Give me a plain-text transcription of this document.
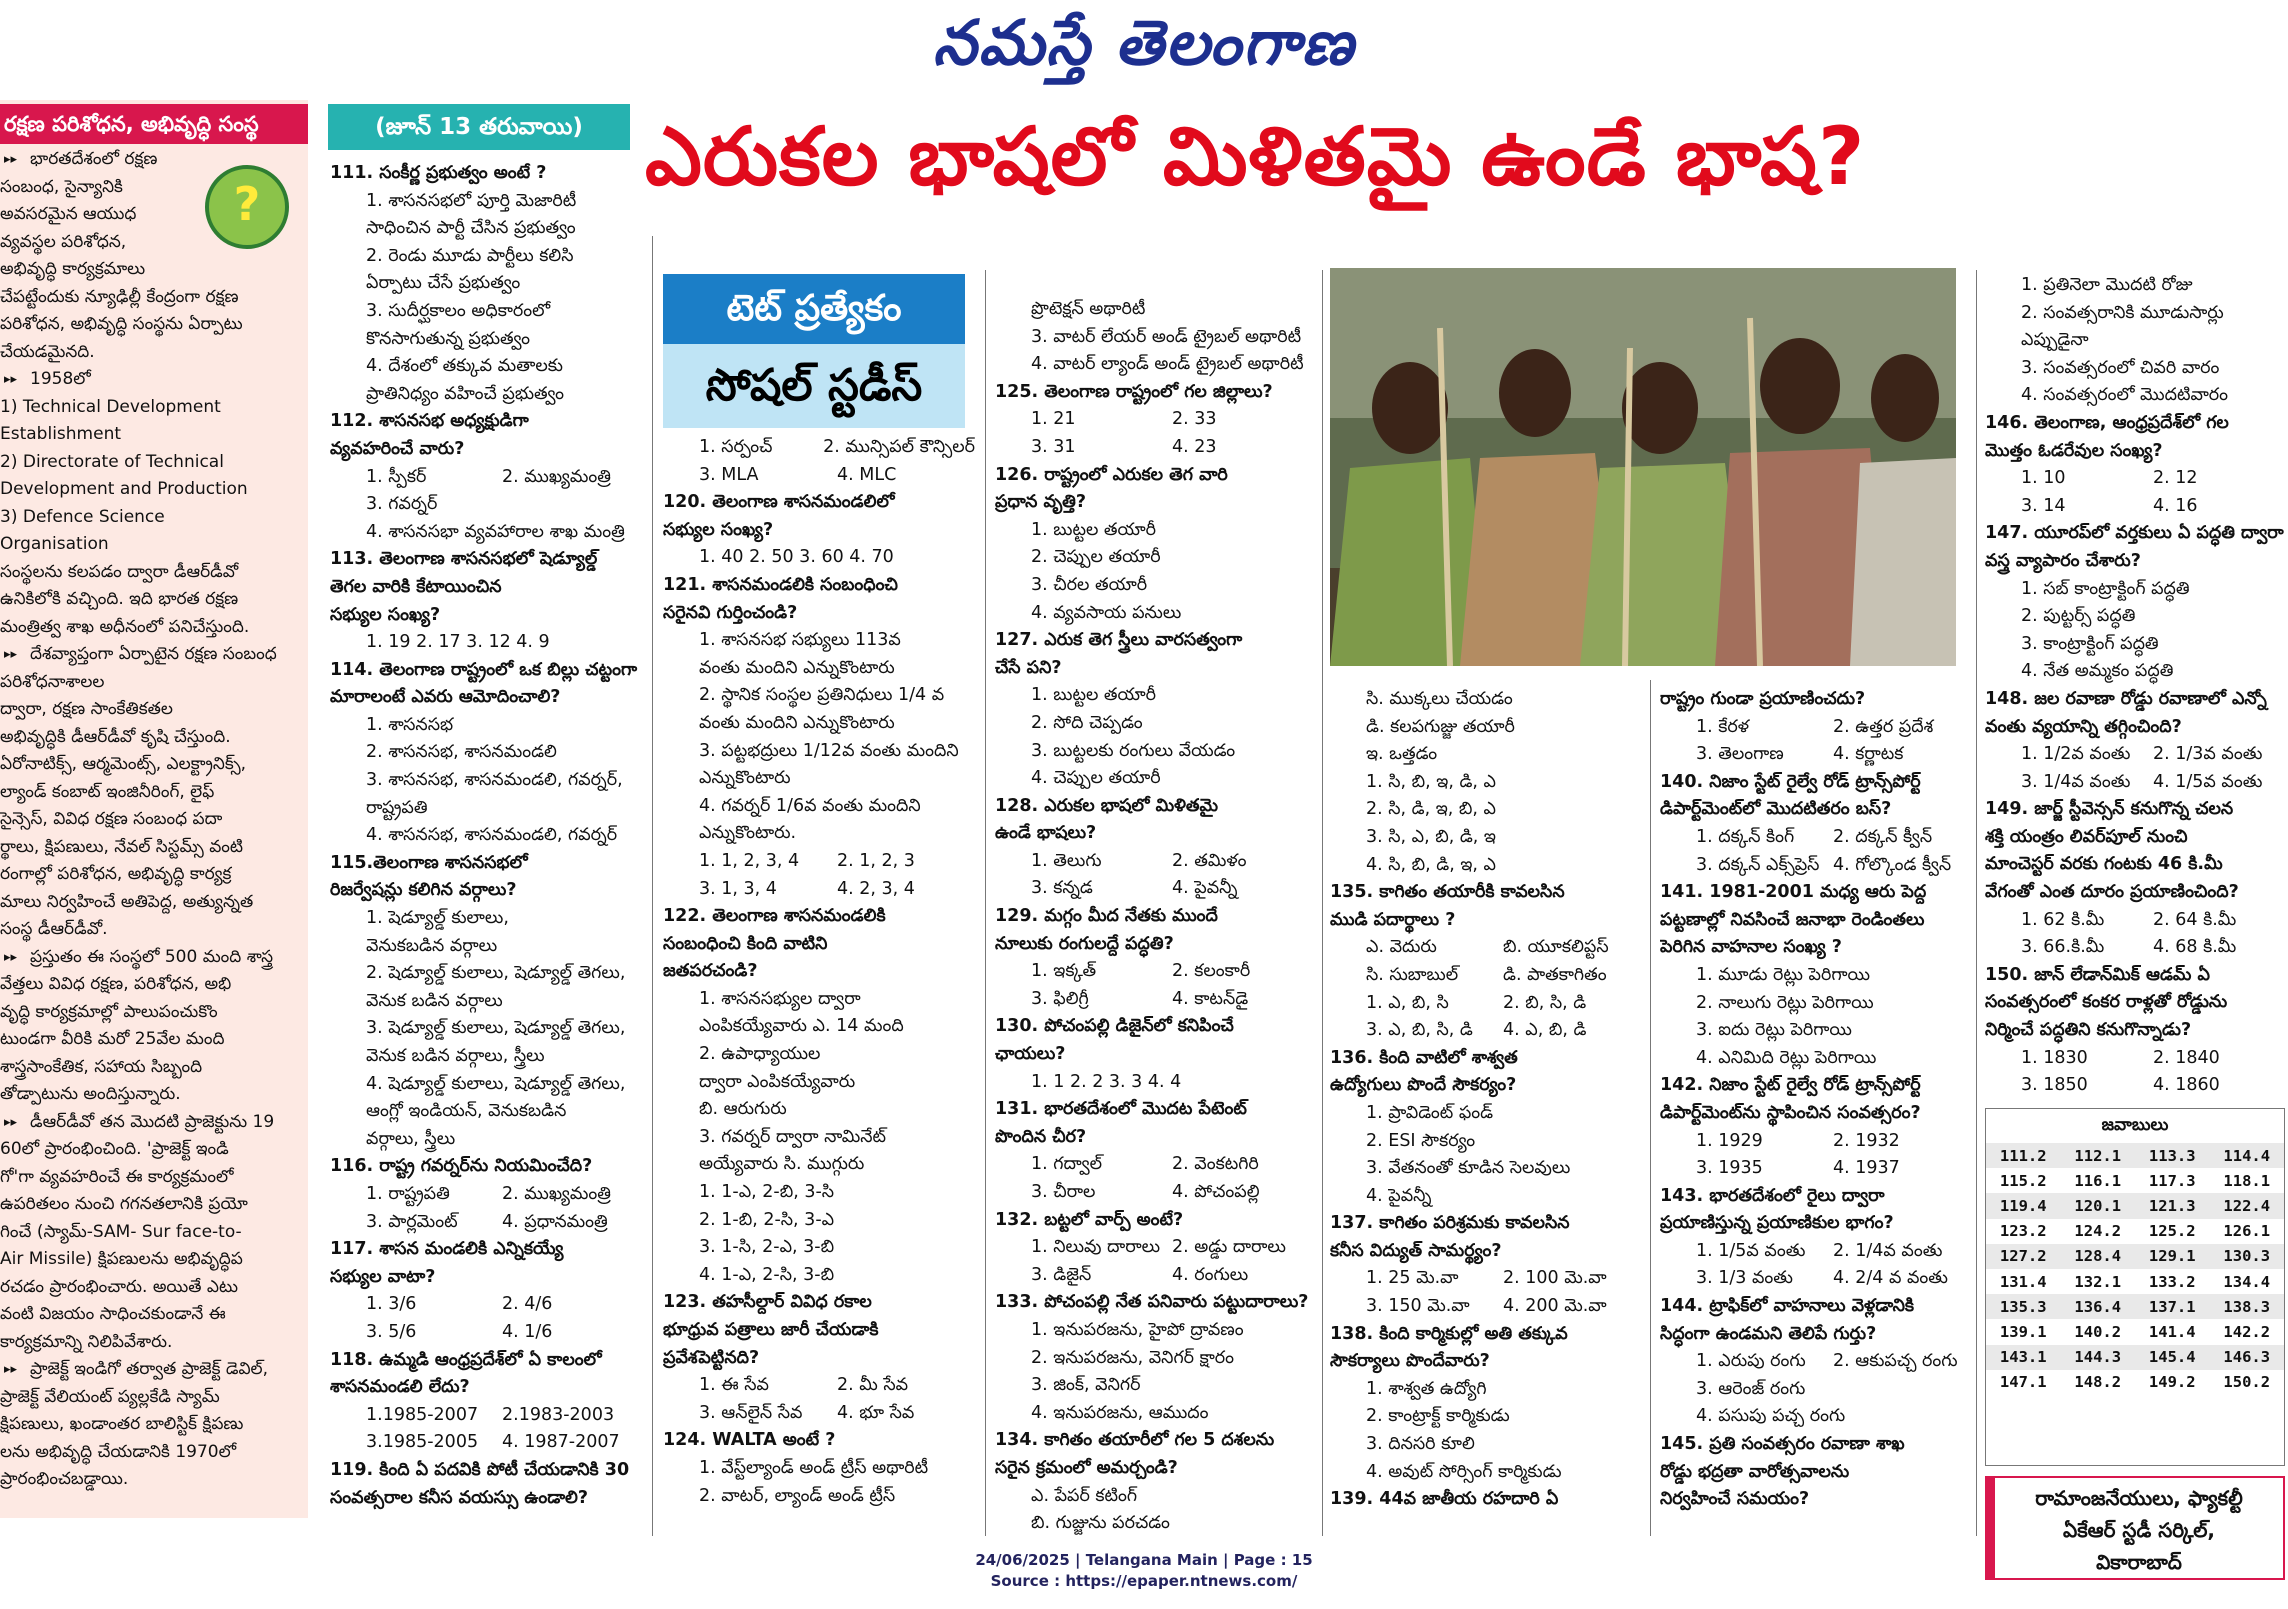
నమస్తే తెలంగాణ
ఎరుకల భాషలో మిళితమై ఉండే భాష?
రక్షణ పరిశోధన, అభివృద్ధి సంస్థ
?

▸▸ భారతదేశంలో రక్షణ

సంబంధ, సైన్యానికి

అవసరమైన ఆయుధ

వ్యవస్థల పరిశోధన,

అభివృద్ధి కార్యక్రమాలు

చేపట్టేందుకు న్యూఢిల్లీ కేంద్రంగా రక్షణ

పరిశోధన, అభివృద్ధి సంస్థను ఏర్పాటు

చేయడమైనది.

▸▸ 1958లో

1) Technical Development

Establishment

2) Directorate of Technical

Development and Production

3) Defence Science

Organisation

సంస్థలను కలపడం ద్వారా డీఆర్‌డీవో

ఉనికిలోకి వచ్చింది. ఇది భారత రక్షణ

మంత్రిత్వ శాఖ అధీనంలో పనిచేస్తుంది.

▸▸ దేశవ్యాప్తంగా ఏర్పాటైన రక్షణ సంబంధ

పరిశోధనాశాలల

ద్వారా, రక్షణ సాంకేతికతల

అభివృద్ధికి డీఆర్‌డీవో కృషి చేస్తుంది.

ఏరోనాటిక్స్, ఆర్మమెంట్స్, ఎలక్ట్రానిక్స్,

ల్యాండ్ కంబాట్ ఇంజినీరింగ్, లైఫ్

సైన్సెస్, వివిధ రక్షణ సంబంధ పదా

ర్థాలు, క్షిపణులు, నేవల్ సిస్టమ్స్ వంటి

రంగాల్లో పరిశోధన, అభివృద్ధి కార్యక్ర

మాలు నిర్వహించే అతిపెద్ద, అత్యున్నత

సంస్థ డీఆర్‌డీవో.

▸▸ ప్రస్తుతం ఈ సంస్థలో 500 మంది శాస్త్ర

వేత్తలు వివిధ రక్షణ, పరిశోధన, అభి

వృద్ధి కార్యక్రమాల్లో పాలుపంచుకొం

టుండగా వీరికి మరో 25వేల మంది

శాస్త్రసాంకేతిక, సహాయ సిబ్బంది

తోడ్పాటును అందిస్తున్నారు.

▸▸ డీఆర్‌డీవో తన మొదటి ప్రాజెక్టును 19

60లో ప్రారంభించింది. 'ప్రాజెక్ట్ ఇండి

గో'గా వ్యవహరించే ఈ కార్యక్రమంలో

ఉపరితలం నుంచి గగనతలానికి ప్రయో

గించే (స్యామ్-SAM- Sur face-to-

Air Missile) క్షిపణులను అభివృద్ధిప

రచడం ప్రారంభించారు. అయితే ఎటు

వంటి విజయం సాధించకుండానే ఈ

కార్యక్రమాన్ని నిలిపివేశారు.

▸▸ ప్రాజెక్ట్ ఇండిగో తర్వాత ప్రాజెక్ట్ డెవిల్,

ప్రాజెక్ట్ వేలియంట్ ప్యల్లకేడి స్యామ్

క్షిపణులు, ఖండాంతర బాలిస్టిక్ క్షిపణు

లను అభివృద్ధి చేయడానికి 1970లో

ప్రారంభించబడ్డాయి.

(జూన్ 13 తరువాయి)

111. సంకీర్ణ ప్రభుత్వం అంటే ?

1. శాసనసభలో పూర్తి మెజారిటీ

సాధించిన పార్టీ చేసిన ప్రభుత్వం

2. రెండు మూడు పార్టీలు కలిసి

ఏర్పాటు చేసే ప్రభుత్వం

3. సుదీర్ఘకాలం అధికారంలో

కొనసాగుతున్న ప్రభుత్వం

4. దేశంలో తక్కువ మతాలకు

ప్రాతినిధ్యం వహించే ప్రభుత్వం

112. శాసనసభ అధ్యక్షుడిగా

వ్యవహరించే వారు?

1. స్పీకర్	2. ముఖ్యమంత్రి

3. గవర్నర్

4. శాసనసభా వ్యవహారాల శాఖ మంత్రి

113. తెలంగాణ శాసనసభలో షెడ్యూల్డ్

తెగల వారికి కేటాయించిన

సభ్యుల సంఖ్య?

1. 19 2. 17 3. 12 4. 9

114. తెలంగాణ రాష్ట్రంలో ఒక బిల్లు చట్టంగా

మారాలంటే ఎవరు ఆమోదించాలి?

1. శాసనసభ

2. శాసనసభ, శాసనమండలి

3. శాసనసభ, శాసనమండలి, గవర్నర్,

రాష్ట్రపతి

4. శాసనసభ, శాసనమండలి, గవర్నర్

115.తెలంగాణ శాసనసభలో

రిజర్వేషన్లు కలిగిన వర్గాలు?

1. షెడ్యూల్డ్ కులాలు,

వెనుకబడిన వర్గాలు

2. షెడ్యూల్డ్ కులాలు, షెడ్యూల్డ్ తెగలు,

వెనుక బడిన వర్గాలు

3. షెడ్యూల్డ్ కులాలు, షెడ్యూల్డ్ తెగలు,

వెనుక బడిన వర్గాలు, స్త్రీలు

4. షెడ్యూల్డ్ కులాలు, షెడ్యూల్డ్ తెగలు,

ఆంగ్లో ఇండియన్, వెనుకబడిన

వర్గాలు, స్త్రీలు

116. రాష్ట్ర గవర్నర్‌ను నియమించేది?

1. రాష్ట్రపతి	2. ముఖ్యమంత్రి

3. పార్లమెంట్	4. ప్రధానమంత్రి

117. శాసన మండలికి ఎన్నికయ్యే

సభ్యుల వాటా?

1. 3/6	2. 4/6

3. 5/6	4. 1/6

118. ఉమ్మడి ఆంధ్రప్రదేశ్‌లో ఏ కాలంలో

శాసనమండలి లేదు?

1.1985-2007	2.1983-2003

3.1985-2005	4. 1987-2007

119. కింది ఏ పదవికి పోటీ చేయడానికి 30

సంవత్సరాల కనీస వయస్సు ఉండాలి?

టెట్ ప్రత్యేకం
సోషల్ స్టడీస్

1. సర్పంచ్	2. మున్సిపల్ కౌన్సిలర్

3. MLA	4. MLC

120. తెలంగాణ శాసనమండలిలో

సభ్యుల సంఖ్య?

1. 40 2. 50 3. 60 4. 70

121. శాసనమండలికి సంబంధించి

సరైనవి గుర్తించండి?

1. శాసనసభ సభ్యులు 113వ

వంతు మందిని ఎన్నుకొంటారు

2. స్థానిక సంస్థల ప్రతినిధులు 1/4 వ

వంతు మందిని ఎన్నుకొంటారు

3. పట్టభద్రులు 1/12వ వంతు మందిని

ఎన్నుకొంటారు

4. గవర్నర్ 1/6వ వంతు మందిని

ఎన్నుకొంటారు.

1. 1, 2, 3, 4	2. 1, 2, 3

3. 1, 3, 4	4. 2, 3, 4

122. తెలంగాణ శాసనమండలికి

సంబంధించి కింది వాటిని

జతపరచండి?

1. శాసనసభ్యుల ద్వారా

ఎంపికయ్యేవారు ఎ. 14 మంది

2. ఉపాధ్యాయుల

ద్వారా ఎంపికయ్యేవారు

బి. ఆరుగురు

3. గవర్నర్ ద్వారా నామినేట్

అయ్యేవారు సి. ముగ్గురు

1. 1-ఎ, 2-బి, 3-సి

2. 1-బి, 2-సి, 3-ఎ

3. 1-సి, 2-ఎ, 3-బి

4. 1-ఎ, 2-సి, 3-బి

123. తహసీల్దార్ వివిధ రకాల

భూధ్రువ పత్రాలు జారీ చేయడాకి

ప్రవేశపెట్టినది?

1. ఈ సేవ	2. మీ సేవ

3. ఆన్‌లైన్ సేవ	4. భూ సేవ

124. WALTA అంటే ?

1. వేస్ట్‌ల్యాండ్ అండ్ ట్రీస్ అథారిటీ

2. వాటర్, ల్యాండ్ అండ్ ట్రీస్

ప్రొటెక్షన్ అథారిటీ

3. వాటర్ లేయర్ అండ్ ట్రైబల్ అథారిటీ

4. వాటర్ ల్యాండ్ అండ్ ట్రైబల్ అథారిటీ

125. తెలంగాణ రాష్ట్రంలో గల జిల్లాలు?

1. 21	2. 33

3. 31	4. 23

126. రాష్ట్రంలో ఎరుకల తెగ వారి

ప్రధాన వృత్తి?

1. బుట్టల తయారీ

2. చెప్పుల తయారీ

3. చీరల తయారీ

4. వ్యవసాయ పనులు

127. ఎరుక తెగ స్త్రీలు వారసత్వంగా

చేసే పని?

1. బుట్టల తయారీ

2. సోది చెప్పడం

3. బుట్టలకు రంగులు వేయడం

4. చెప్పుల తయారీ

128. ఎరుకల భాషలో మిళితమై

ఉండే భాషలు?

1. తెలుగు	2. తమిళం

3. కన్నడ	4. పైవన్నీ

129. మగ్గం మీద నేతకు ముందే

నూలుకు రంగులద్దే పద్ధతి?

1. ఇక్కత్	2. కలంకారీ

3. ఫిలిగ్రీ	4. కాటన్‌డై

130. పోచంపల్లి డిజైన్‌లో కనిపించే

ఛాయలు?

1. 1 2. 2 3. 3 4. 4

131. భారతదేశంలో మొదట పేటెంట్

పొందిన చీర?

1. గద్వాల్	2. వెంకటగిరి

3. చీరాల	4. పోచంపల్లి

132. బట్టలో వార్ప్ అంటే?

1. నిలువు దారాలు 2. అడ్డు దారాలు

3. డిజైన్	4. రంగులు

133. పోచంపల్లి నేత పనివారు పట్టుదారాలు?

1. ఇనుపరజను, హైపో ద్రావణం

2. ఇనుపరజను, వెనిగర్ క్షారం

3. జింక్, వెనిగర్

4. ఇనుపరజను, ఆముదం

134. కాగితం తయారీలో గల 5 దశలను

సరైన క్రమంలో అమర్చండి?

ఎ. పేపర్ కటింగ్

బి. గుజ్జును పరచడం

సి. ముక్కలు చేయడం

డి. కలపగుజ్జు తయారీ

ఇ. ఒత్తడం

1. సి, బి, ఇ, డి, ఎ

2. సి, డి, ఇ, బి, ఎ

3. సి, ఎ, బి, డి, ఇ

4. సి, బి, డి, ఇ, ఎ

135. కాగితం తయారీకి కావలసిన

ముడి పదార్థాలు ?

ఎ. వెదురు	బి. యూకలిప్టస్

సి. సుబాబుల్	డి. పాతకాగితం

1. ఎ, బి, సి	2. బి, సి, డి

3. ఎ, బి, సి, డి	4. ఎ, బి, డి

136. కింది వాటిలో శాశ్వత

ఉద్యోగులు పొందే సౌకర్యం?

1. ప్రావిడెంట్ ఫండ్

2. ESI సౌకర్యం

3. వేతనంతో కూడిన సెలవులు

4. పైవన్నీ

137. కాగితం పరిశ్రమకు కావలసిన

కనీస విద్యుత్ సామర్థ్యం?

1. 25 మె.వా	2. 100 మె.వా

3. 150 మె.వా	4. 200 మె.వా

138. కింది కార్మికుల్లో అతి తక్కువ

సౌకర్యాలు పొందేవారు?

1. శాశ్వత ఉద్యోగి

2. కాంట్రాక్ట్ కార్మికుడు

3. దినసరి కూలి

4. అవుట్ సోర్సింగ్ కార్మికుడు

139. 44వ జాతీయ రహదారి ఏ

రాష్ట్రం గుండా ప్రయాణించదు?

1. కేరళ	2. ఉత్తర ప్రదేశ

3. తెలంగాణ	4. కర్ణాటక

140. నిజాం స్టేట్ రైల్వే రోడ్ ట్రాన్స్‌పోర్ట్

డిపార్ట్‌మెంట్‌లో మొదటితరం బస్?

1. దక్కన్ కింగ్	2. దక్కన్ క్వీన్

3. దక్కన్ ఎక్స్‌ప్రెస్ 4. గోల్కొండ క్వీన్

141. 1981-2001 మధ్య ఆరు పెద్ద

పట్టణాల్లో నివసించే జనాభా రెండింతలు

పెరిగిన వాహనాల సంఖ్య ?

1. మూడు రెట్లు పెరిగాయి

2. నాలుగు రెట్లు పెరిగాయి

3. ఐదు రెట్లు పెరిగాయి

4. ఎనిమిది రెట్లు పెరిగాయి

142. నిజాం స్టేట్ రైల్వే రోడ్ ట్రాన్స్‌పోర్ట్

డిపార్ట్‌మెంట్‌ను స్థాపించిన సంవత్సరం?

1. 1929	2. 1932

3. 1935	4. 1937

143. భారతదేశంలో రైలు ద్వారా

ప్రయాణిస్తున్న ప్రయాణికుల భాగం?

1. 1/5వ వంతు	2. 1/4వ వంతు

3. 1/3 వంతు	4. 2/4 వ వంతు

144. ట్రాఫిక్‌లో వాహనాలు వెళ్లడానికి

సిద్ధంగా ఉండమని తెలిపే గుర్తు?

1. ఎరుపు రంగు	2. ఆకుపచ్చ రంగు

3. ఆరెంజ్ రంగు

4. పసుపు పచ్చ రంగు

145. ప్రతి సంవత్సరం రవాణా శాఖ

రోడ్డు భద్రతా వారోత్సవాలను

నిర్వహించే సమయం?

1. ప్రతినెలా మొదటి రోజు

2. సంవత్సరానికి మూడుసార్లు

ఎప్పుడైనా

3. సంవత్సరంలో చివరి వారం

4. సంవత్సరంలో మొదటివారం

146. తెలంగాణ, ఆంధ్రప్రదేశ్‌లో గల

మొత్తం ఓడరేవుల సంఖ్య?

1. 10	2. 12

3. 14	4. 16

147. యూరప్‌లో వర్తకులు ఏ పద్ధతి ద్వారా

వస్త్ర వ్యాపారం చేశారు?

1. సబ్ కాంట్రాక్టింగ్ పద్ధతి

2. పుట్టర్స్ పద్ధతి

3. కాంట్రాక్టింగ్ పద్ధతి

4. నేత అమ్మకం పద్ధతి

148. జల రవాణా రోడ్డు రవాణాలో ఎన్నో

వంతు వ్యయాన్ని తగ్గించింది?

1. 1/2వ వంతు	2. 1/3వ వంతు

3. 1/4వ వంతు	4. 1/5వ వంతు

149. జార్జ్ స్టీవెన్సన్ కనుగొన్న చలన

శక్తి యంత్రం లివర్‌పూల్ నుంచి

మాంచెస్టర్ వరకు గంటకు 46 కి.మీ

వేగంతో ఎంత దూరం ప్రయాణించింది?

1. 62 కి.మీ	2. 64 కి.మీ

3. 66.కి.మీ	4. 68 కి.మీ

150. జాన్ లేడాన్‌మిక్ ఆడమ్ ఏ

సంవత్సరంలో కంకర రాళ్లతో రోడ్డును

నిర్మించే పద్ధతిని కనుగొన్నాడు?

1. 1830	2. 1840

3. 1850	4. 1860

జవాబులు
111.2	112.1	113.3	114.4
115.2	116.1	117.3	118.1
119.4	120.1	121.3	122.4
123.2	124.2	125.2	126.1
127.2	128.4	129.1	130.3
131.4	132.1	133.2	134.4
135.3	136.4	137.1	138.3
139.1	140.2	141.4	142.2
143.1	144.3	145.4	146.3
147.1	148.2	149.2	150.2
రామాంజనేయులు, ఫ్యాకల్టీ
ఏకేఆర్ స్టడీ సర్కిల్,
వికారాబాద్
24/06/2025 | Telangana Main | Page : 15
Source : https://epaper.ntnews.com/
